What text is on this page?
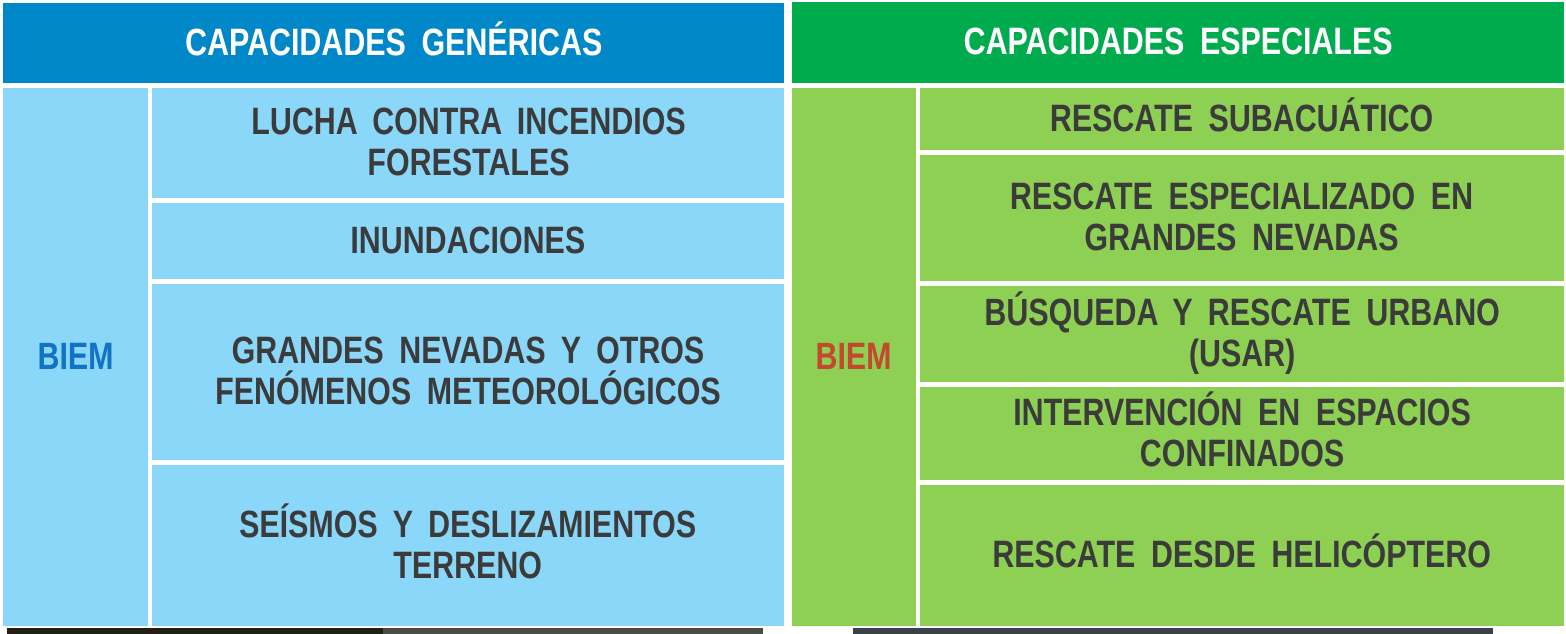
CAPACIDADES GENÉRICAS
BIEM
LUCHA CONTRA INCENDIOS
FORESTALES
INUNDACIONES
GRANDES NEVADAS Y OTROS
FENÓMENOS METEOROLÓGICOS
SEÍSMOS Y DESLIZAMIENTOS
TERRENO
CAPACIDADES ESPECIALES
BIEM
RESCATE SUBACUÁTICO
RESCATE ESPECIALIZADO EN
GRANDES NEVADAS
BÚSQUEDA Y RESCATE URBANO
(USAR)
INTERVENCIÓN EN ESPACIOS
CONFINADOS
RESCATE DESDE HELICÓPTERO
